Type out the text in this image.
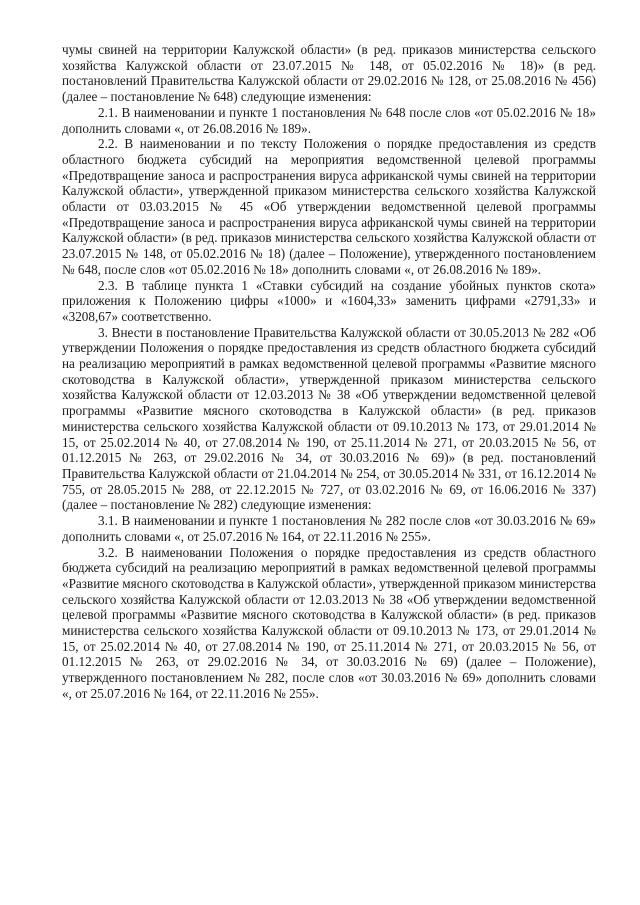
чумы свиней на территории Калужской области» (в ред. приказов министерства сельского хозяйства Калужской области от 23.07.2015 № 148, от 05.02.2016 № 18)» (в ред. постановлений Правительства Калужской области от 29.02.2016 № 128, от 25.08.2016 № 456) (далее – постановление № 648) следующие изменения:

2.1. В наименовании и пункте 1 постановления № 648 после слов «от 05.02.2016 № 18» дополнить словами «, от 26.08.2016 № 189».

2.2. В наименовании и по тексту Положения о порядке предоставления из средств областного бюджета субсидий на мероприятия ведомственной целевой программы «Предотвращение заноса и распространения вируса африканской чумы свиней на территории Калужской области», утвержденной приказом министерства сельского хозяйства Калужской области от 03.03.2015 № 45 «Об утверждении ведомственной целевой программы «Предотвращение заноса и распространения вируса африканской чумы свиней на территории Калужской области» (в ред. приказов министерства сельского хозяйства Калужской области от 23.07.2015 № 148, от 05.02.2016 № 18) (далее – Положение), утвержденного постановлением № 648, после слов «от 05.02.2016 № 18» дополнить словами «, от 26.08.2016 № 189».

2.3. В таблице пункта 1 «Ставки субсидий на создание убойных пунктов скота» приложения к Положению цифры «1000» и «1604,33» заменить цифрами «2791,33» и «3208,67» соответственно.

3. Внести в постановление Правительства Калужской области от 30.05.2013 № 282 «Об утверждении Положения о порядке предоставления из средств областного бюджета субсидий на реализацию мероприятий в рамках ведомственной целевой программы «Развитие мясного скотоводства в Калужской области», утвержденной приказом министерства сельского хозяйства Калужской области от 12.03.2013 № 38 «Об утверждении ведомственной целевой программы «Развитие мясного скотоводства в Калужской области» (в ред. приказов министерства сельского хозяйства Калужской области от 09.10.2013 № 173, от 29.01.2014 № 15, от 25.02.2014 № 40, от 27.08.2014 № 190, от 25.11.2014 № 271, от 20.03.2015 № 56, от 01.12.2015 № 263, от 29.02.2016 № 34, от 30.03.2016 № 69)» (в ред. постановлений Правительства Калужской области от 21.04.2014 № 254, от 30.05.2014 № 331, от 16.12.2014 № 755, от 28.05.2015 № 288, от 22.12.2015 № 727, от 03.02.2016 № 69, от 16.06.2016 № 337) (далее – постановление № 282) следующие изменения:

3.1. В наименовании и пункте 1 постановления № 282 после слов «от 30.03.2016 № 69» дополнить словами «, от 25.07.2016 № 164, от 22.11.2016 № 255».

3.2. В наименовании Положения о порядке предоставления из средств областного бюджета субсидий на реализацию мероприятий в рамках ведомственной целевой программы «Развитие мясного скотоводства в Калужской области», утвержденной приказом министерства сельского хозяйства Калужской области от 12.03.2013 № 38 «Об утверждении ведомственной целевой программы «Развитие мясного скотоводства в Калужской области» (в ред. приказов министерства сельского хозяйства Калужской области от 09.10.2013 № 173, от 29.01.2014 № 15, от 25.02.2014 № 40, от 27.08.2014 № 190, от 25.11.2014 № 271, от 20.03.2015 № 56, от 01.12.2015 № 263, от 29.02.2016 № 34, от 30.03.2016 № 69) (далее – Положение), утвержденного постановлением № 282, после слов «от 30.03.2016 № 69» дополнить словами «, от 25.07.2016 № 164, от 22.11.2016 № 255».
